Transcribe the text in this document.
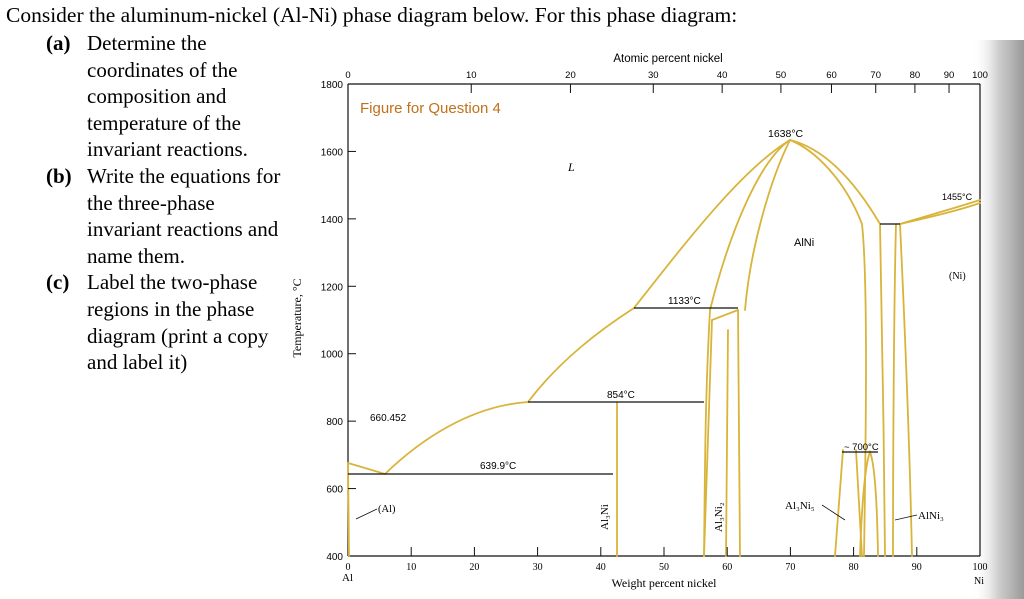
Consider the aluminum-nickel (Al-Ni) phase diagram below. For this phase diagram:
(a) Determine the coordinates of the composition and temperature of the invariant reactions.
(b) Write the equations for the three-phase invariant reactions and name them.
(c) Label the two-phase regions in the phase diagram (print a copy and label it)
400
600
800
1000
1200
1400
1600
1800
0	10	20	30	40	50	60	70	80 90 100
0	10	20	30	40	50	60	70	80	90	100
Atomic percent nickel
Weight percent nickel
Al	Ni
Temperature, °C
Figure for Question 4
L
1638°C
1455°C
AlNi
(Ni)
1133°C
854°C
660.452
~ 700°C
639.9°C
(Al)	Al₃Ni	Al₃Ni₂	Al₃Ni₅
AlNi₃
